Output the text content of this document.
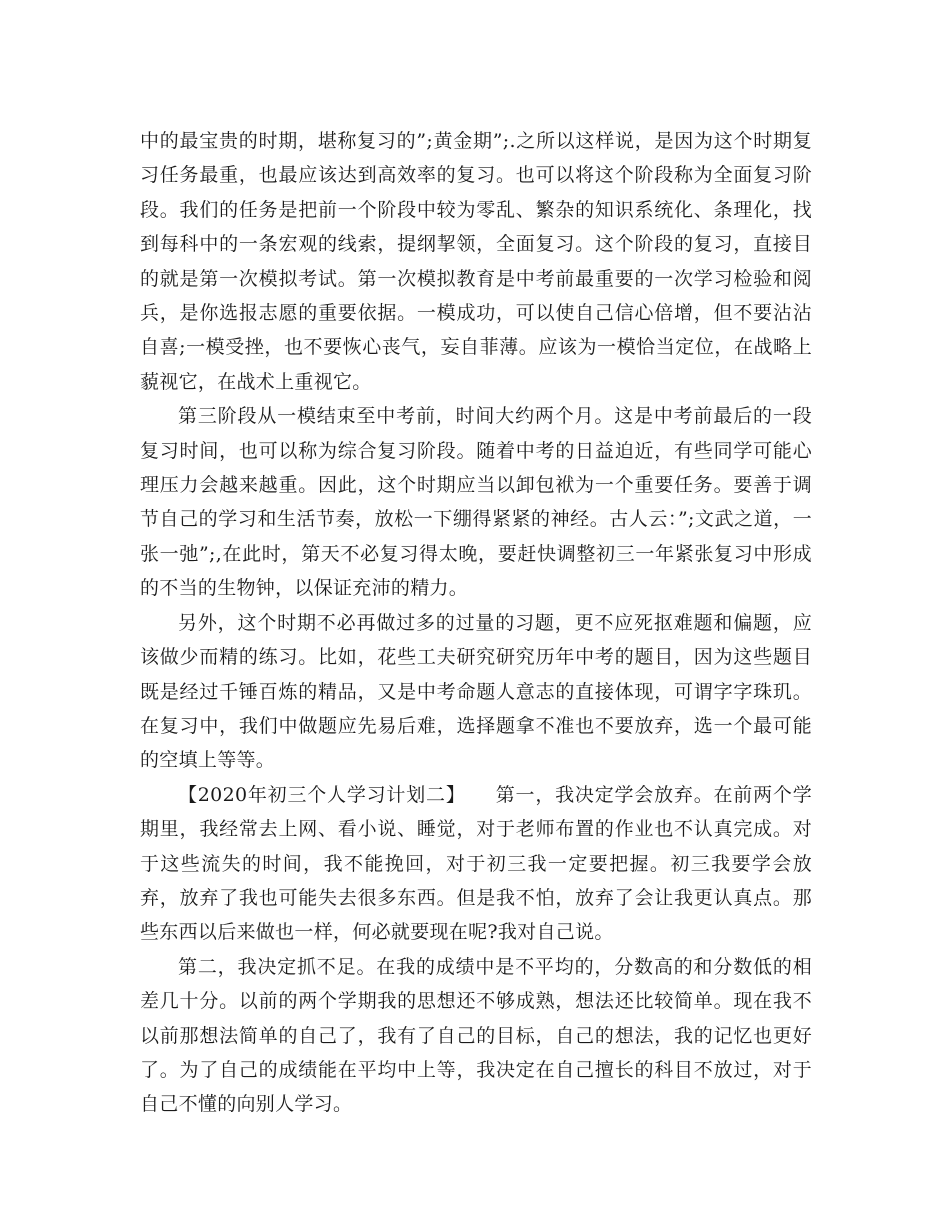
中的最宝贵的时期，堪称复习的”;黄金期”;.之所以这样说，是因为这个时期复习任务最重，也最应该达到高效率的复习。也可以将这个阶段称为全面复习阶段。我们的任务是把前一个阶段中较为零乱、繁杂的知识系统化、条理化，找到每科中的一条宏观的线索，提纲挈领，全面复习。这个阶段的复习，直接目的就是第一次模拟考试。第一次模拟教育是中考前最重要的一次学习检验和阅兵，是你选报志愿的重要依据。一模成功，可以使自己信心倍增，但不要沾沾自喜;一模受挫，也不要恢心丧气，妄自菲薄。应该为一模恰当定位，在战略上藐视它，在战术上重视它。

第三阶段从一模结束至中考前，时间大约两个月。这是中考前最后的一段复习时间，也可以称为综合复习阶段。随着中考的日益迫近，有些同学可能心理压力会越来越重。因此，这个时期应当以卸包袱为一个重要任务。要善于调节自己的学习和生活节奏，放松一下绷得紧紧的神经。古人云：”;文武之道，一张一弛”;,在此时，第天不必复习得太晚，要赶快调整初三一年紧张复习中形成的不当的生物钟，以保证充沛的精力。

另外，这个时期不必再做过多的过量的习题，更不应死抠难题和偏题，应该做少而精的练习。比如，花些工夫研究研究历年中考的题目，因为这些题目既是经过千锤百炼的精品，又是中考命题人意志的直接体现，可谓字字珠玑。在复习中，我们中做题应先易后难，选择题拿不准也不要放弃，选一个最可能的空填上等等。

【2020年初三个人学习计划二】　　第一，我决定学会放弃。在前两个学期里，我经常去上网、看小说、睡觉，对于老师布置的作业也不认真完成。对于这些流失的时间，我不能挽回，对于初三我一定要把握。初三我要学会放弃，放弃了我也可能失去很多东西。但是我不怕，放弃了会让我更认真点。那些东西以后来做也一样，何必就要现在呢?我对自己说。

第二，我决定抓不足。在我的成绩中是不平均的，分数高的和分数低的相差几十分。以前的两个学期我的思想还不够成熟，想法还比较简单。现在我不以前那想法简单的自己了，我有了自己的目标，自己的想法，我的记忆也更好了。为了自己的成绩能在平均中上等，我决定在自己擅长的科目不放过，对于自己不懂的向别人学习。
